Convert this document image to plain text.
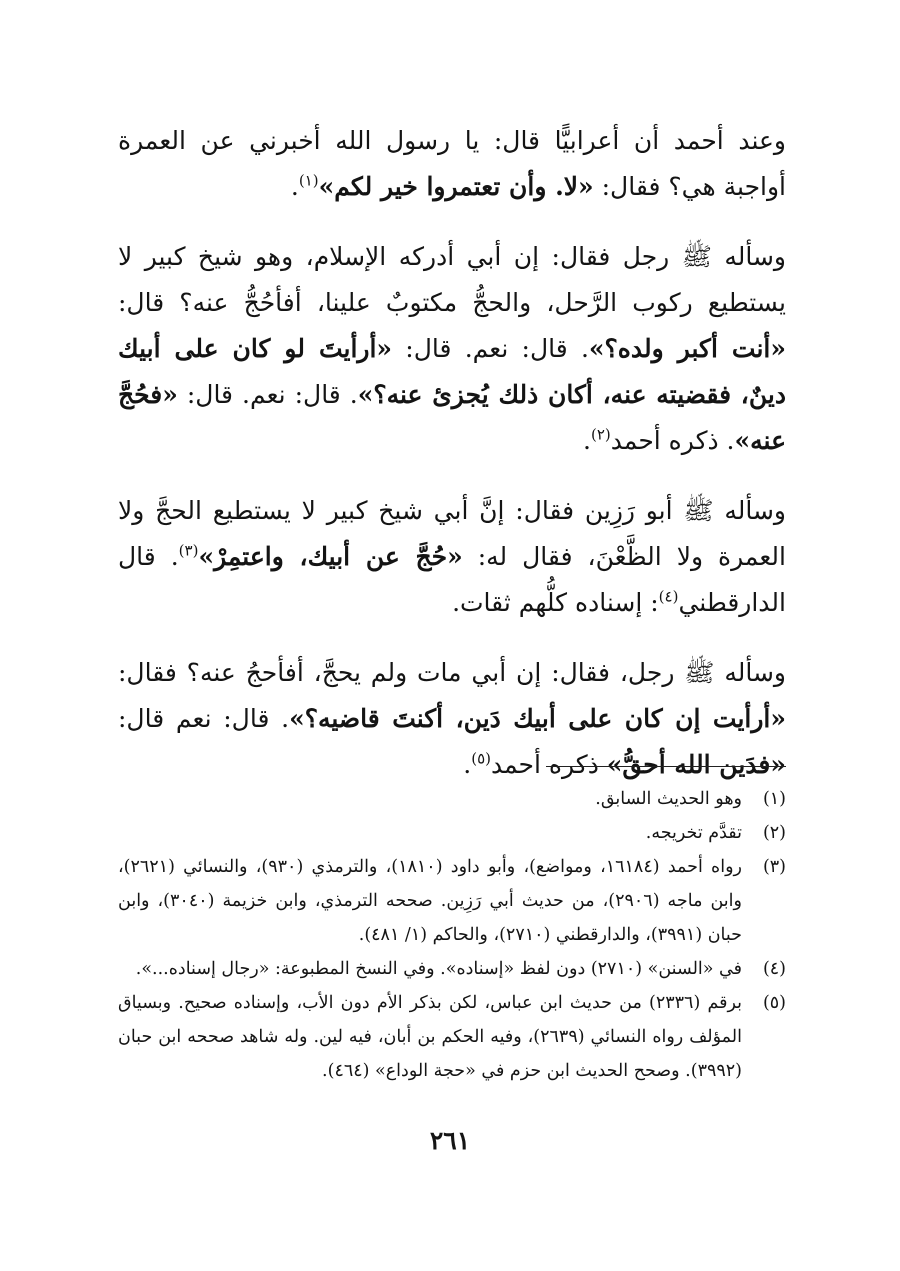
وعند أحمد أن أعرابيًّا قال: يا رسول الله أخبرني عن العمرة أواجبة هي؟ فقال: «لا. وأن تعتمروا خير لكم»$^{(١)}$.

وسأله ﷺ رجل فقال: إن أبي أدركه الإسلام، وهو شيخ كبير لا يستطيع ركوب الرَّحل، والحجُّ مكتوبٌ علينا، أفأحُجُّ عنه؟ قال: «أنت أكبر ولده؟». قال: نعم. قال: «أرأيتَ لو كان على أبيك دينٌ، فقضيته عنه، أكان ذلك يُجزئ عنه؟». قال: نعم. قال: «فحُجَّ عنه». ذكره أحمد$^{(٢)}$.

وسأله ﷺ أبو رَزِين فقال: إنَّ أبي شيخ كبير لا يستطيع الحجَّ ولا العمرة ولا الظَّعْنَ، فقال له: «حُجَّ عن أبيك، واعتمِرْ»$^{(٣)}$. قال الدارقطني$^{(٤)}$: إسناده كلُّهم ثقات.

وسأله ﷺ رجل، فقال: إن أبي مات ولم يحجَّ، أفأحجُ عنه؟ فقال: «أرأيت إن كان على أبيك دَين، أكنتَ قاضيه؟». قال: نعم قال: «فدَين الله أحقُّ» ذكره أحمد$^{(٥)}$.

(١)
وهو الحديث السابق.
(٢)
تقدَّم تخريجه.
(٣)
رواه أحمد (١٦١٨٤، ومواضع)، وأبو داود (١٨١٠)، والترمذي (٩٣٠)، والنسائي (٢٦٢١)، وابن ماجه (٢٩٠٦)، من حديث أبي رَزِين. صححه الترمذي، وابن خزيمة (٣٠٤٠)، وابن حبان (٣٩٩١)، والدارقطني (٢٧١٠)، والحاكم (١/ ٤٨١).
(٤)
في «السنن» (٢٧١٠) دون لفظ «إسناده». وفي النسخ المطبوعة: «رجال إسناده...».
(٥)
برقم (٢٣٣٦) من حديث ابن عباس، لكن بذكر الأم دون الأب، وإسناده صحيح. وبسياق المؤلف رواه النسائي (٢٦٣٩)، وفيه الحكم بن أبان، فيه لين. وله شاهد صححه ابن حبان (٣٩٩٢). وصحح الحديث ابن حزم في «حجة الوداع» (٤٦٤).
٢٦١
